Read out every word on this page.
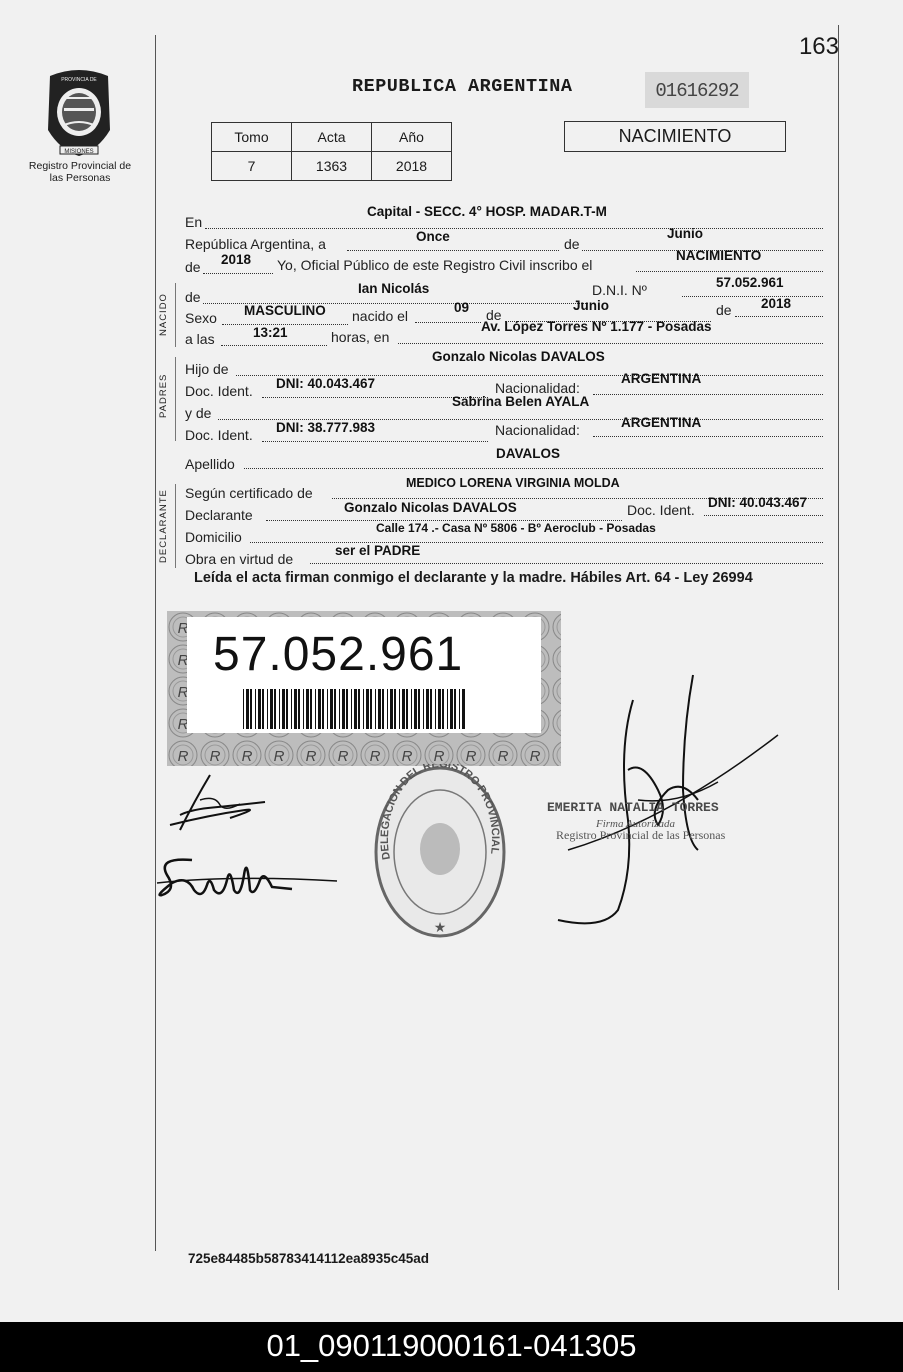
163
PROVINCIA DE
MISIONES
Registro Provincial de las Personas
REPUBLICA ARGENTINA	01616292
Tomo	Acta	Año
7	1363	2018
NACIMIENTO
En
Capital - SECC. 4° HOSP. MADAR.T-M
República Argentina, a	Once	de
Junio
de 2018 Yo, Oficial Público de este Registro Civil inscribo el
NACIMIENTO
NACIDO de
Ian Nicolás	D.N.I. Nº	57.052.961
Sexo MASCULINO nacido el
09 de
Junio	de 2018
a las	13:21	horas, en
Av. López Torres Nº 1.177 - Posadas
PADRES
Hijo de
Gonzalo Nicolas DAVALOS
Doc. Ident. DNI: 40.043.467	Nacionalidad:
ARGENTINA
y de
Sabrina Belen AYALA
Doc. Ident. DNI: 38.777.983	Nacionalidad:	ARGENTINA
Apellido
DAVALOS
DECLARANTE Según certificado de
MEDICO LORENA VIRGINIA MOLDA
Declarante	Gonzalo Nicolas DAVALOS	Doc. Ident. DNI: 40.043.467
Domicilio
Calle 174 .- Casa Nº 5806 - Bº Aeroclub - Posadas
Obra en virtud de
ser el PADRE
Leída el acta firman conmigo el declarante y la madre. Hábiles Art. 64 - Ley 26994
57.052.961
DELEGACION DEL REGISTRO PROVINCIAL
★
EMERITA NATALIA TORRES
Firma Autorizada
Registro Provincial de las Personas
725e84485b58783414112ea8935c45ad
01_090119000161-041305
